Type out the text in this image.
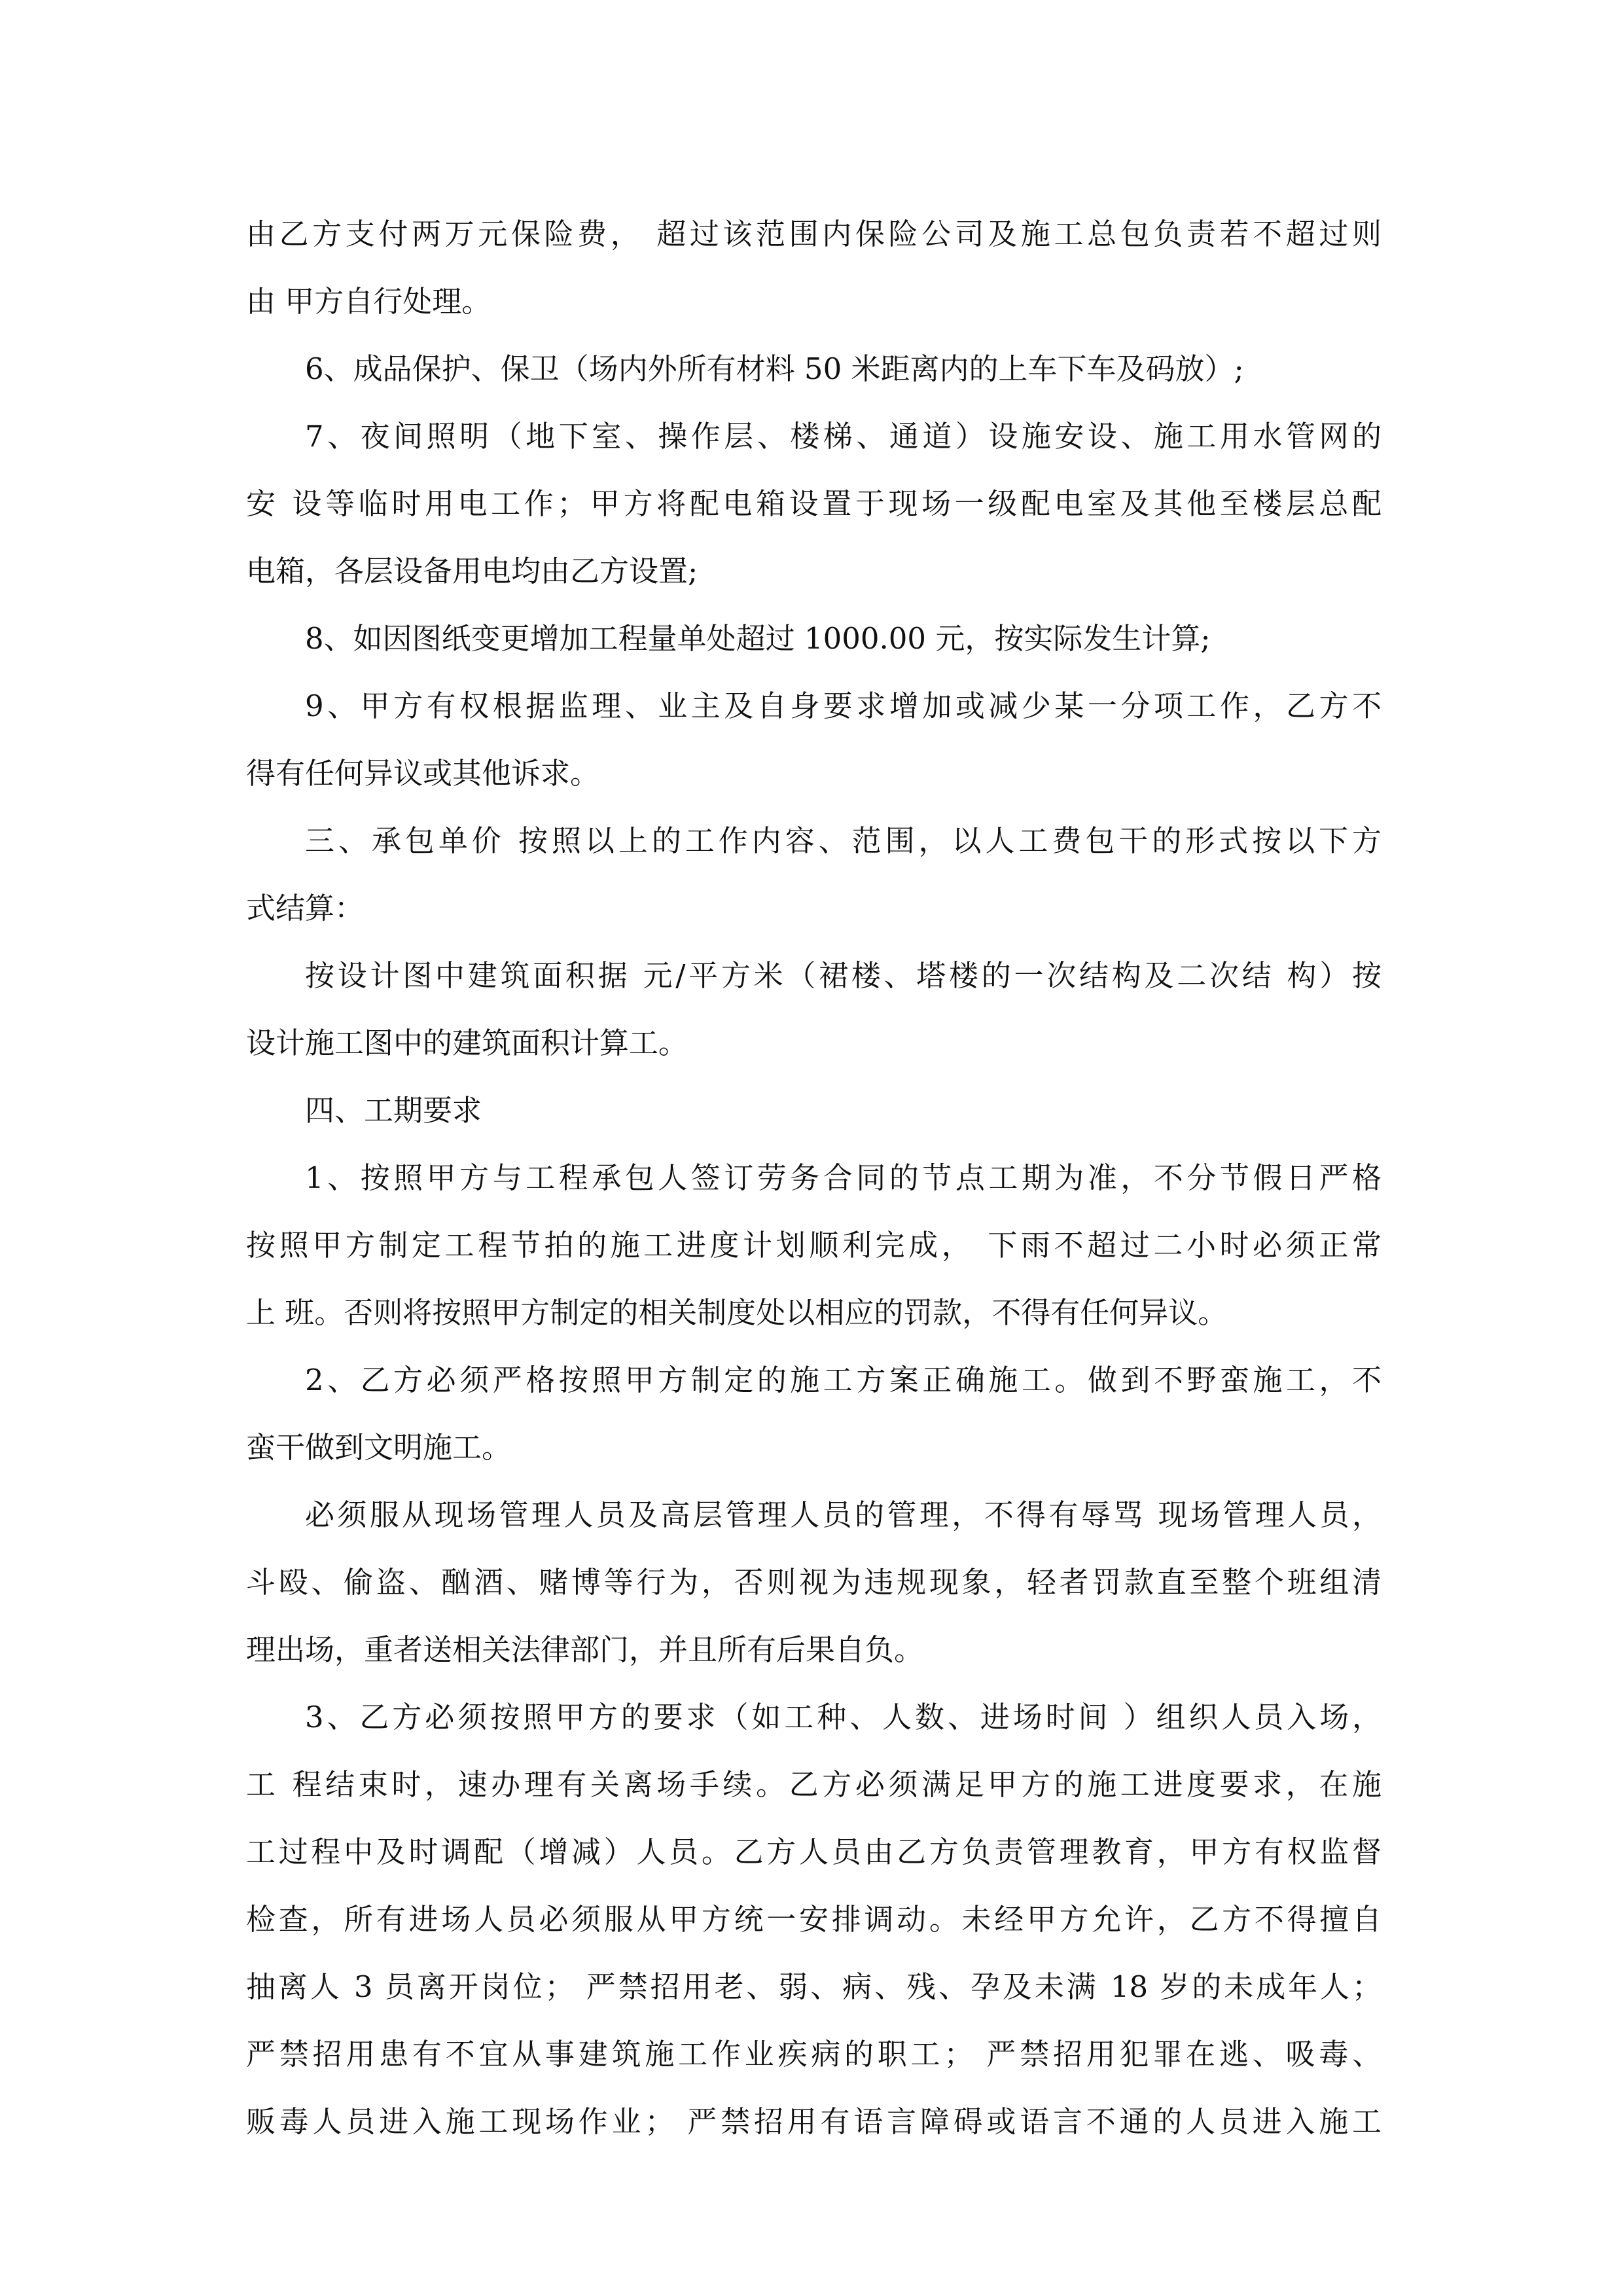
由乙方支付两万元保险费， 超过该范围内保险公司及施工总包负责若不超过则
由 甲方自行处理。
6、成品保护、保卫（场内外所有材料 50 米距离内的上车下车及码放）;
7、夜间照明（地下室、操作层、楼梯、通道）设施安设、施工用水管网的
安 设等临时用电工作；甲方将配电箱设置于现场一级配电室及其他至楼层总配
电箱，各层设备用电均由乙方设置;
8、如因图纸变更增加工程量单处超过 1000.00 元，按实际发生计算;
9、甲方有权根据监理、业主及自身要求增加或减少某一分项工作，乙方不
得有任何异议或其他诉求。
三、承包单价 按照以上的工作内容、范围，以人工费包干的形式按以下方
式结算：
按设计图中建筑面积据 元/平方米（裙楼、塔楼的一次结构及二次结 构）按
设计施工图中的建筑面积计算工。
四、工期要求
1、按照甲方与工程承包人签订劳务合同的节点工期为准，不分节假日严格
按照甲方制定工程节拍的施工进度计划顺利完成， 下雨不超过二小时必须正常
上 班。否则将按照甲方制定的相关制度处以相应的罚款，不得有任何异议。
2、乙方必须严格按照甲方制定的施工方案正确施工。做到不野蛮施工，不
蛮干做到文明施工。
必须服从现场管理人员及高层管理人员的管理，不得有辱骂 现场管理人员，
斗殴、偷盗、酗酒、赌博等行为，否则视为违规现象，轻者罚款直至整个班组清
理出场，重者送相关法律部门，并且所有后果自负。
3、乙方必须按照甲方的要求（如工种、人数、进场时间 ）组织人员入场，
工 程结束时，速办理有关离场手续。乙方必须满足甲方的施工进度要求，在施
工过程中及时调配（增减）人员。乙方人员由乙方负责管理教育，甲方有权监督
检查，所有进场人员必须服从甲方统一安排调动。未经甲方允许，乙方不得擅自
抽离人 3 员离开岗位； 严禁招用老、弱、病、残、孕及未满 18 岁的未成年人；
严禁招用患有不宜从事建筑施工作业疾病的职工； 严禁招用犯罪在逃、吸毒、
贩毒人员进入施工现场作业； 严禁招用有语言障碍或语言不通的人员进入施工
